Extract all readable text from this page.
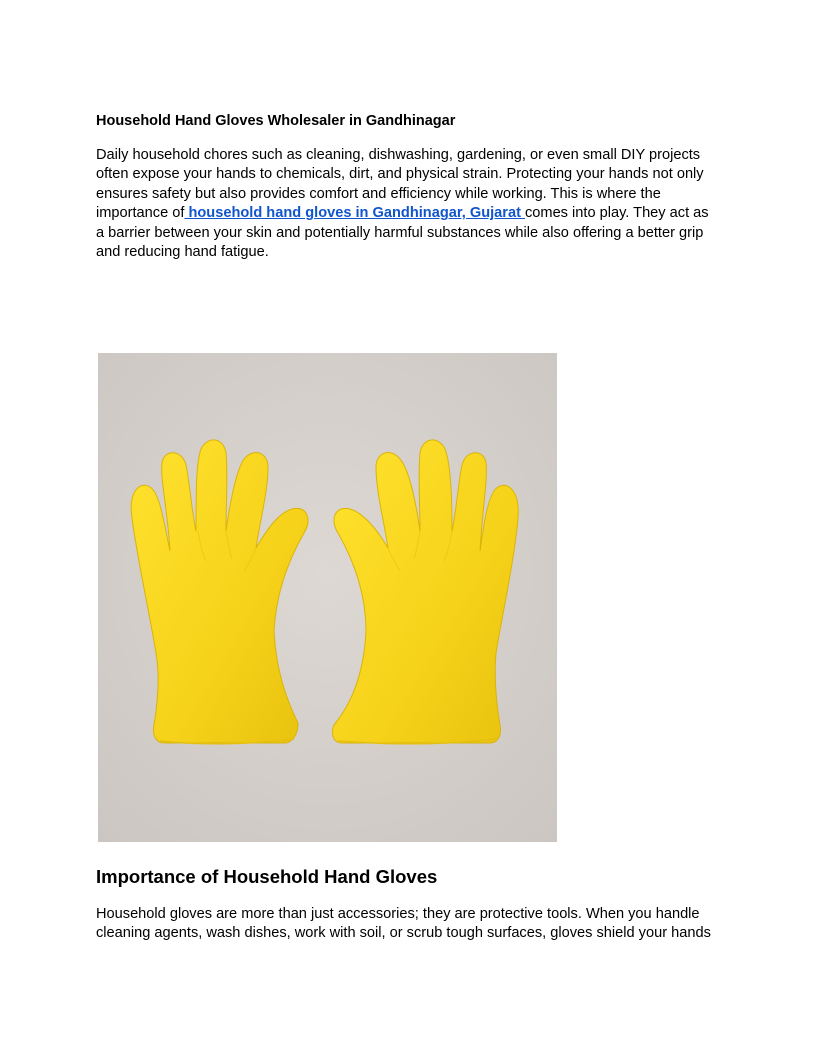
Household Hand Gloves Wholesaler in Gandhinagar

Daily household chores such as cleaning, dishwashing, gardening, or even small DIY projects
often expose your hands to chemicals, dirt, and physical strain. Protecting your hands not only
ensures safety but also provides comfort and efficiency while working. This is where the
importance of household hand gloves in Gandhinagar, Gujarat comes into play. They act as
a barrier between your skin and potentially harmful substances while also offering a better grip
and reducing hand fatigue.

Importance of Household Hand Gloves

Household gloves are more than just accessories; they are protective tools. When you handle
cleaning agents, wash dishes, work with soil, or scrub tough surfaces, gloves shield your hands
